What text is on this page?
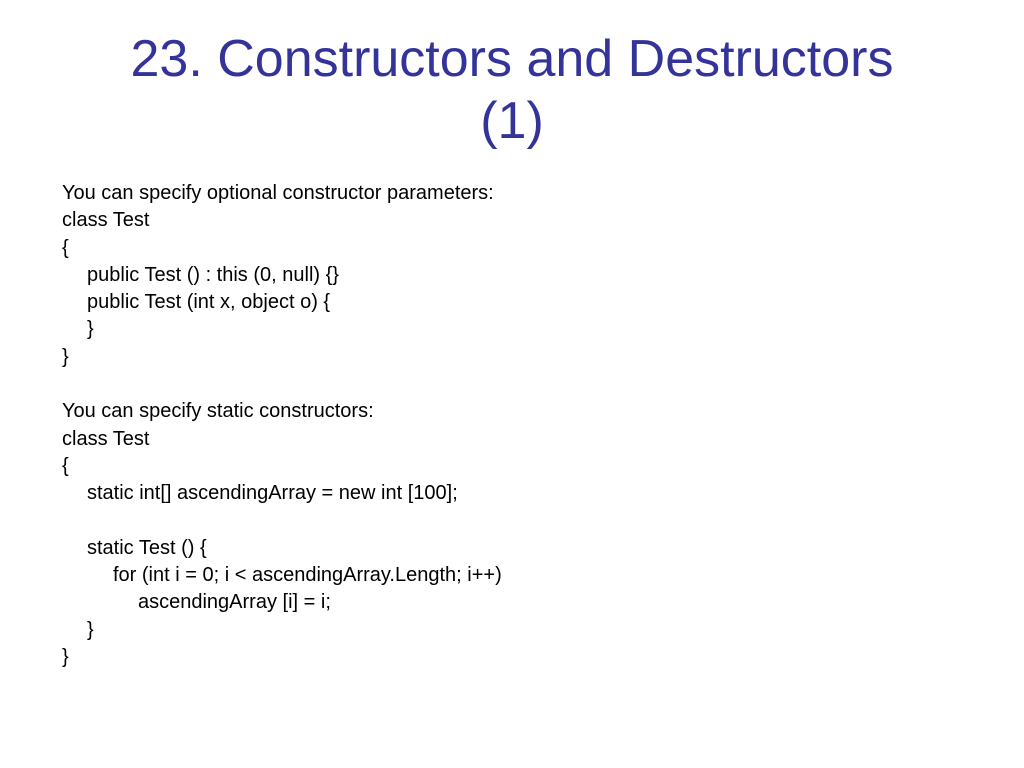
23. Constructors and Destructors
(1)
You can specify optional constructor parameters:
class Test
{
public Test () : this (0, null) {}
public Test (int x, object o) {
}
}
You can specify static constructors:
class Test
{
static int[] ascendingArray = new int [100];
static Test () {
for (int i = 0; i < ascendingArray.Length; i++)
ascendingArray [i] = i;
}
}
